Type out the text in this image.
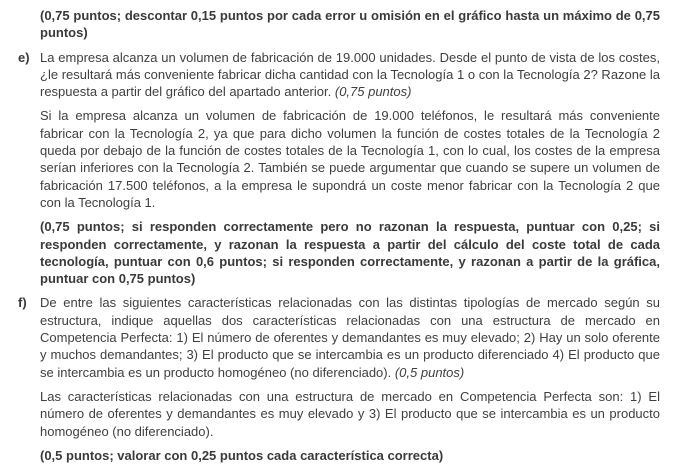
(0,75 puntos; descontar 0,15 puntos por cada error u omisión en el gráfico hasta un máximo de 0,75 puntos)

e) La empresa alcanza un volumen de fabricación de 19.000 unidades. Desde el punto de vista de los costes, ¿le resultará más conveniente fabricar dicha cantidad con la Tecnología 1 o con la Tecnología 2? Razone la respuesta a partir del gráfico del apartado anterior. (0,75 puntos)

Si la empresa alcanza un volumen de fabricación de 19.000 teléfonos, le resultará más conveniente fabricar con la Tecnología 2, ya que para dicho volumen la función de costes totales de la Tecnología 2 queda por debajo de la función de costes totales de la Tecnología 1, con lo cual, los costes de la empresa serían inferiores con la Tecnología 2. También se puede argumentar que cuando se supere un volumen de fabricación 17.500 teléfonos, a la empresa le supondrá un coste menor fabricar con la Tecnología 2 que con la Tecnología 1.

(0,75 puntos; si responden correctamente pero no razonan la respuesta, puntuar con 0,25; si responden correctamente, y razonan la respuesta a partir del cálculo del coste total de cada tecnología, puntuar con 0,6 puntos; si responden correctamente, y razonan a partir de la gráfica, puntuar con 0,75 puntos)

f) De entre las siguientes características relacionadas con las distintas tipologías de mercado según su estructura, indique aquellas dos características relacionadas con una estructura de mercado en Competencia Perfecta: 1) El número de oferentes y demandantes es muy elevado; 2) Hay un solo oferente y muchos demandantes; 3) El producto que se intercambia es un producto diferenciado 4) El producto que se intercambia es un producto homogéneo (no diferenciado). (0,5 puntos)

Las características relacionadas con una estructura de mercado en Competencia Perfecta son: 1) El número de oferentes y demandantes es muy elevado y 3) El producto que se intercambia es un producto homogéneo (no diferenciado).

(0,5 puntos; valorar con 0,25 puntos cada característica correcta)
